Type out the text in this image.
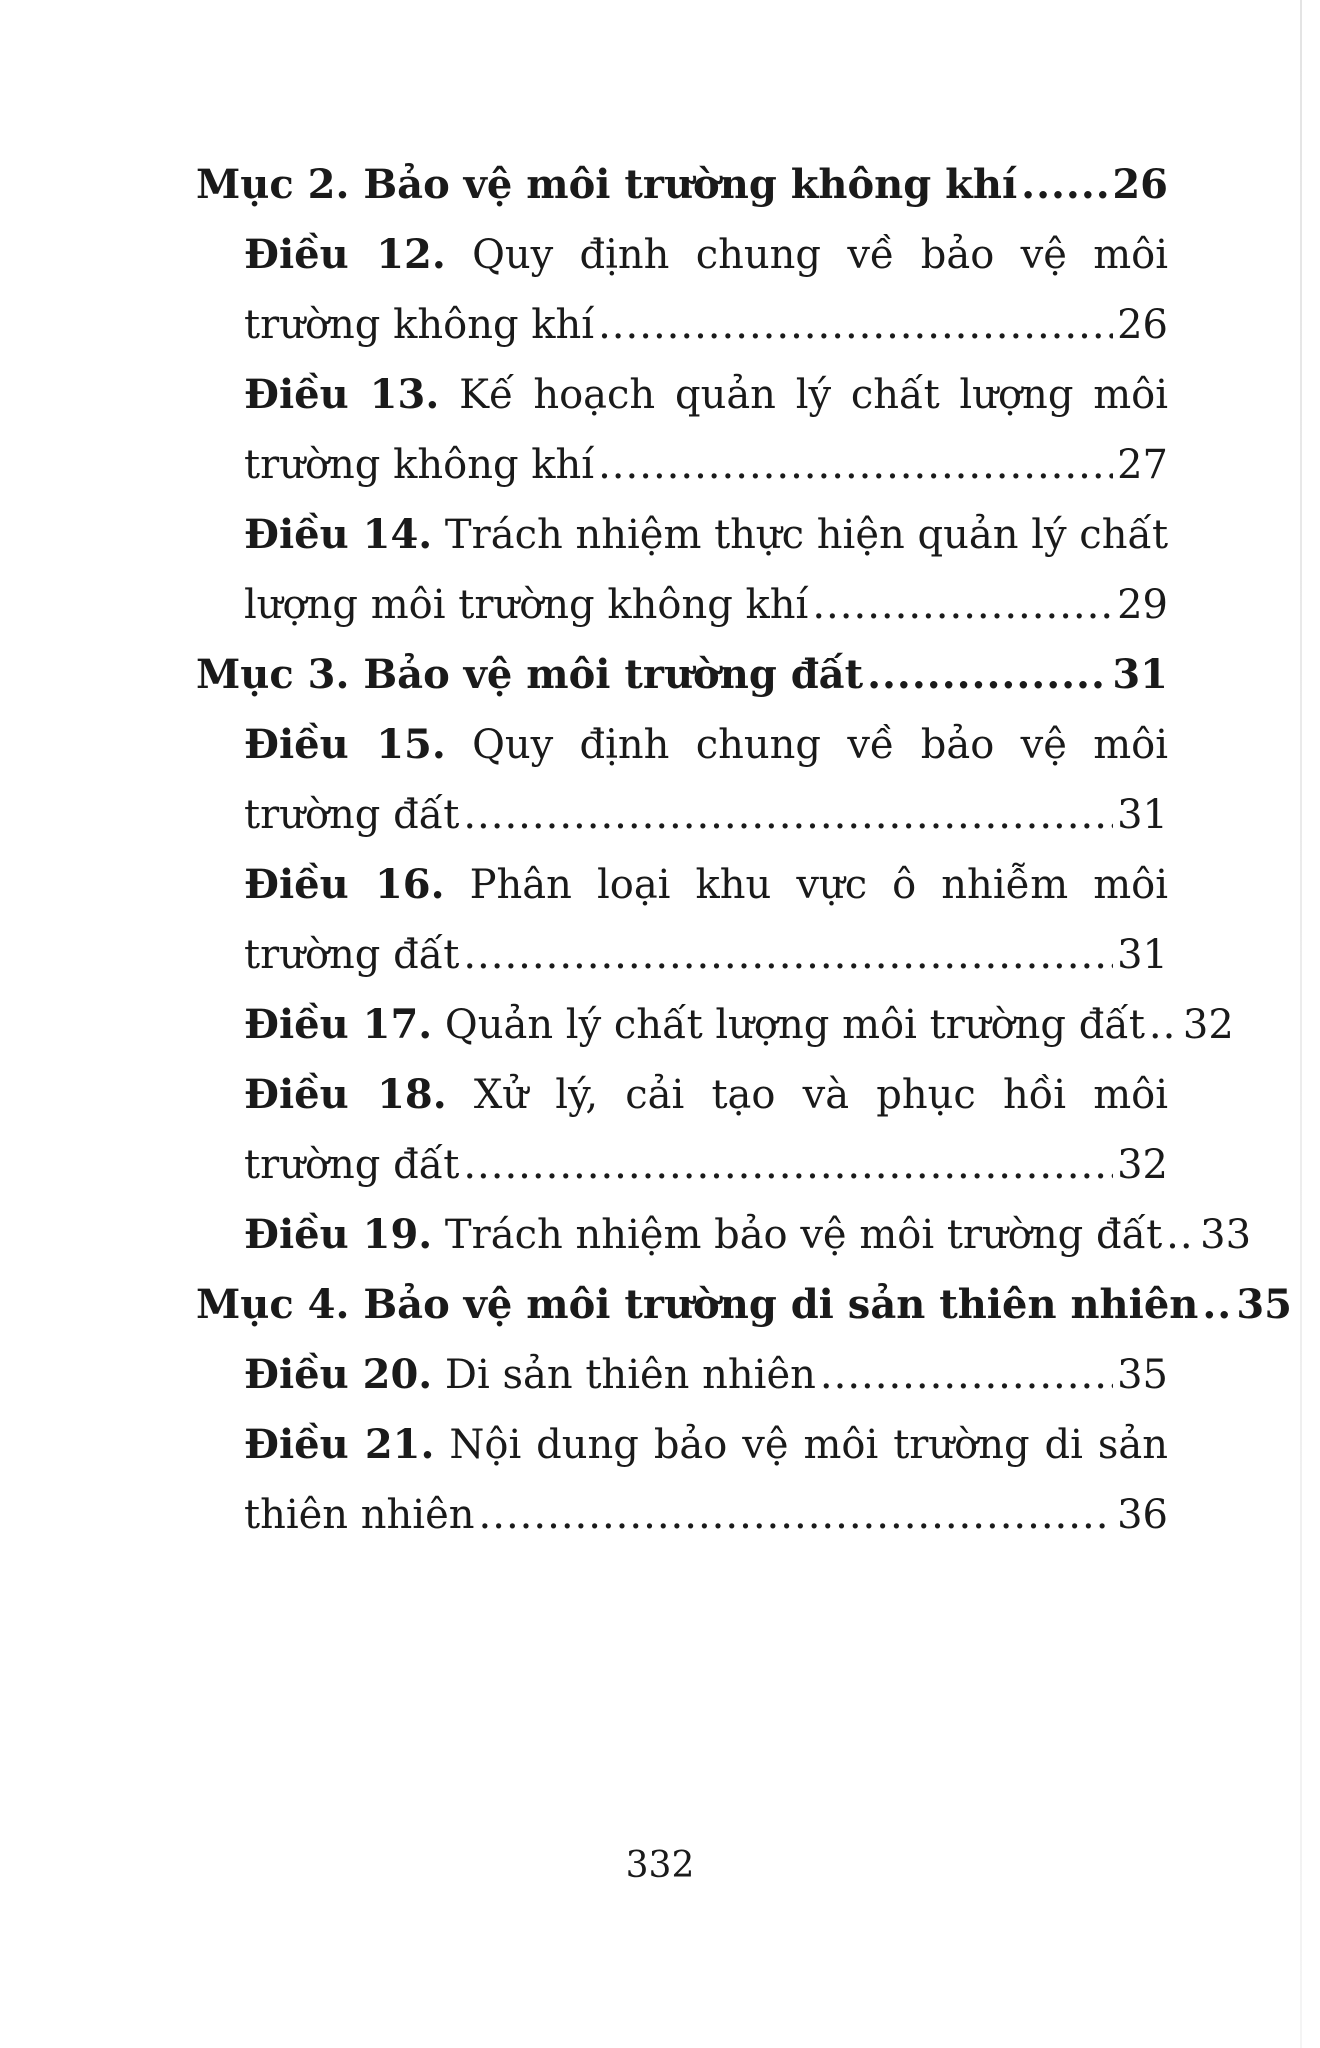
Mục 2.
Bảo vệ môi trường không khí ..... 26
Điều 12. Quy định chung về bảo vệ môi
trường không khí .....	26
Điều 13. Kế hoạch quản lý chất lượng môi
trường không khí .....	27
Điều 14. Trách nhiệm thực hiện quản lý chất
lượng môi trường không khí .....	29
Mục 3.
Bảo vệ môi trường đất .....	31
Điều 15. Quy định chung về bảo vệ môi
trường đất .....	31
Điều 16. Phân loại khu vực ô nhiễm môi
trường đất .....	31
Điều 17.
Quản lý chất lượng môi trường đất ..... 32
Điều 18. Xử lý, cải tạo và phục hồi môi
trường đất .....	32
Điều 19.
Trách nhiệm bảo vệ môi trường đất ..... 33
Mục 4.
Bảo vệ môi trường di sản thiên nhiên ..... 35
Điều 20.
Di sản thiên nhiên .....	35
Điều 21. Nội dung bảo vệ môi trường di sản
thiên nhiên .....	36
332
